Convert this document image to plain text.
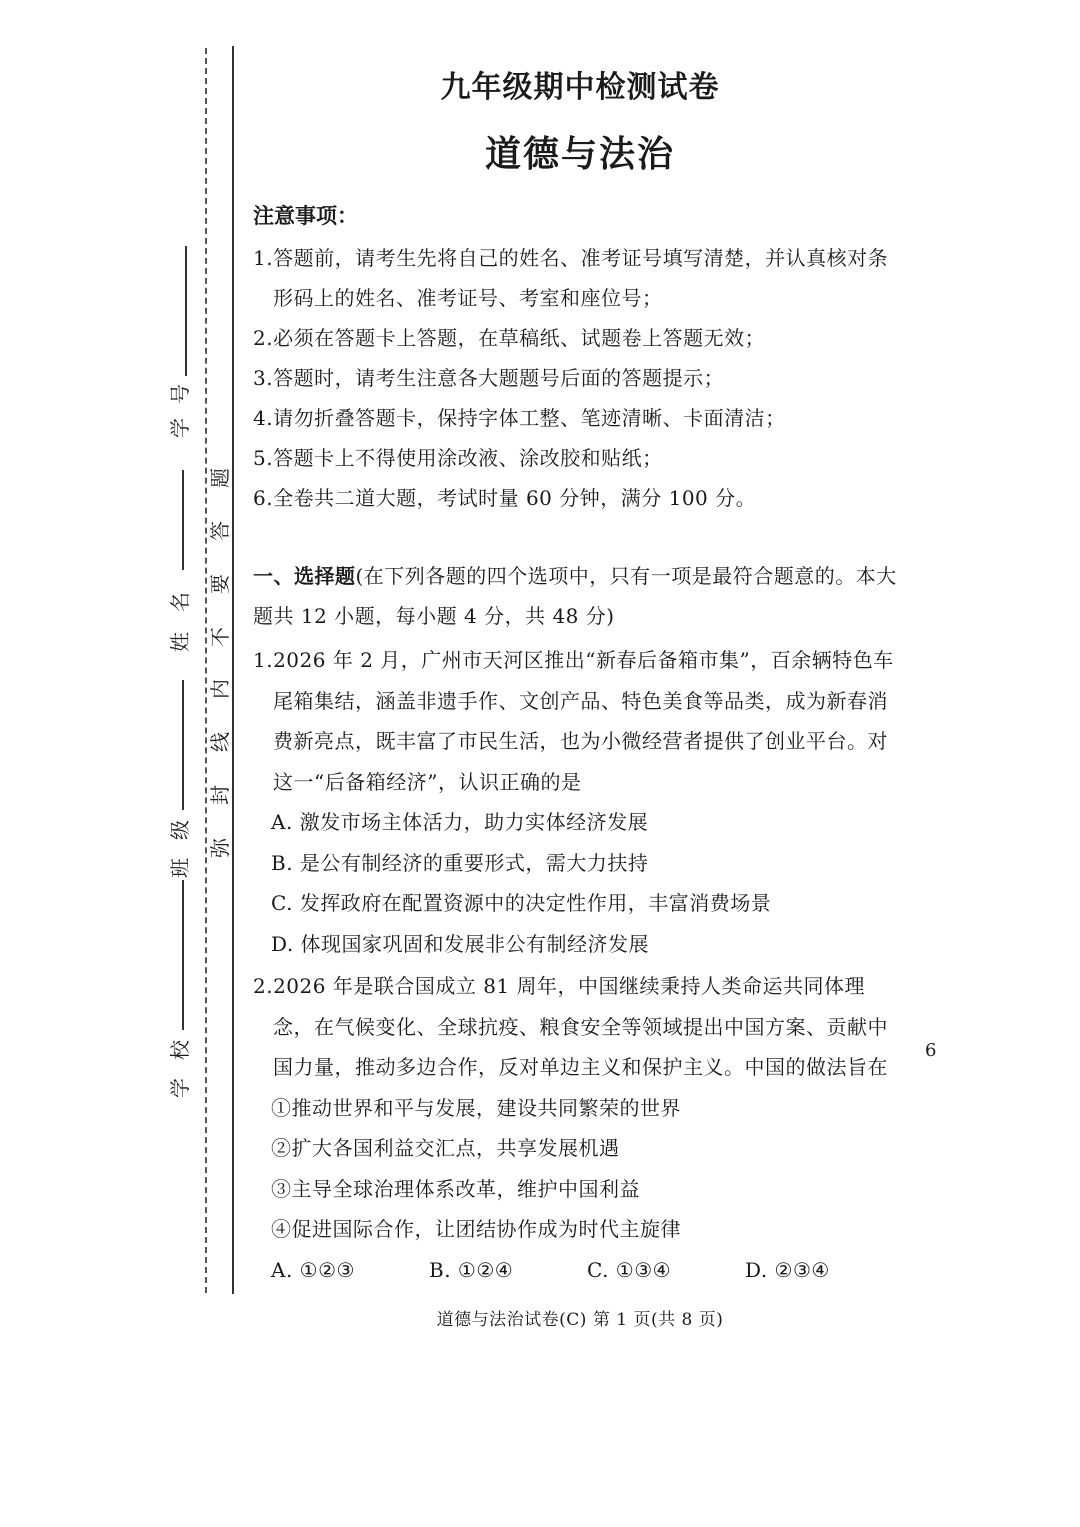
号
学
名
姓
级
班
校
学
题
答
要
不
内
线
封
弥
九年级期中检测试卷
道德与法治
注意事项：
1.答题前，请考生先将自己的姓名、准考证号填写清楚，并认真核对条形码上的姓名、准考证号、考室和座位号；
2.必须在答题卡上答题，在草稿纸、试题卷上答题无效；
3.答题时，请考生注意各大题题号后面的答题提示；
4.请勿折叠答题卡，保持字体工整、笔迹清晰、卡面清洁；
5.答题卡上不得使用涂改液、涂改胶和贴纸；
6.全卷共二道大题，考试时量 60 分钟，满分 100 分。
一、选择题(在下列各题的四个选项中，只有一项是最符合题意的。本大题共 12 小题，每小题 4 分，共 48 分)
1.2026 年 2 月，广州市天河区推出“新春后备箱市集”，百余辆特色车尾箱集结，涵盖非遗手作、文创产品、特色美食等品类，成为新春消费新亮点，既丰富了市民生活，也为小微经营者提供了创业平台。对这一“后备箱经济”，认识正确的是
A. 激发市场主体活力，助力实体经济发展
B. 是公有制经济的重要形式，需大力扶持
C. 发挥政府在配置资源中的决定性作用，丰富消费场景
D. 体现国家巩固和发展非公有制经济发展
2.2026 年是联合国成立 81 周年，中国继续秉持人类命运共同体理念，在气候变化、全球抗疫、粮食安全等领域提出中国方案、贡献中国力量，推动多边合作，反对单边主义和保护主义。中国的做法旨在
①推动世界和平与发展，建设共同繁荣的世界
②扩大各国利益交汇点，共享发展机遇
③主导全球治理体系改革，维护中国利益
④促进国际合作，让团结协作成为时代主旋律
A. ①②③	B. ①②④	C. ①③④	D. ②③④
6
道德与法治试卷(C) 第 1 页(共 8 页)
